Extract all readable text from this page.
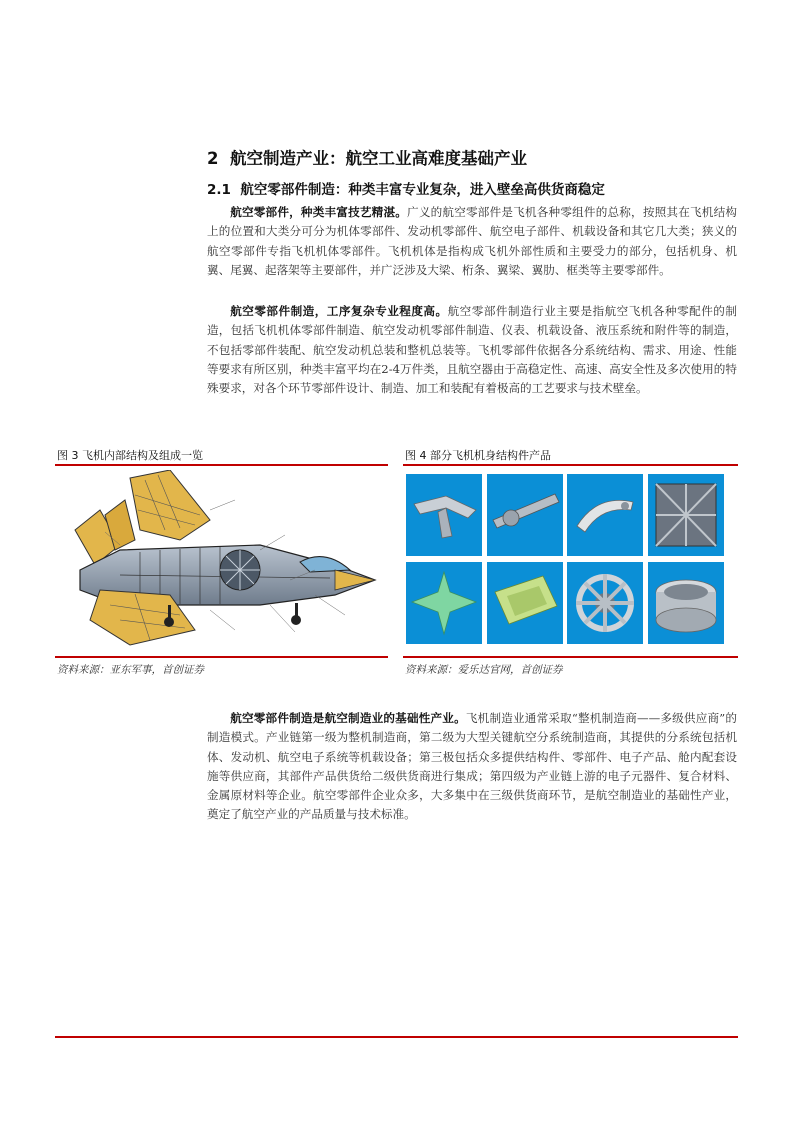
2 航空制造产业：航空工业高难度基础产业
2.1 航空零部件制造：种类丰富专业复杂，进入壁垒高供货商稳定
航空零部件，种类丰富技艺精湛。广义的航空零部件是飞机各种零组件的总称，按照其在飞机结构上的位置和大类分可分为机体零部件、发动机零部件、航空电子部件、机载设备和其它几大类；狭义的航空零部件专指飞机机体零部件。飞机机体是指构成飞机外部性质和主要受力的部分，包括机身、机翼、尾翼、起落架等主要部件，并广泛涉及大梁、桁条、翼梁、翼肋、框类等主要零部件。
航空零部件制造，工序复杂专业程度高。航空零部件制造行业主要是指航空飞机各种零配件的制造，包括飞机机体零部件制造、航空发动机零部件制造、仪表、机载设备、液压系统和附件等的制造，不包括零部件装配、航空发动机总装和整机总装等。飞机零部件依据各分系统结构、需求、用途、性能等要求有所区别，种类丰富平均在2-4万件类，且航空器由于高稳定性、高速、高安全性及多次使用的特殊要求，对各个环节零部件设计、制造、加工和装配有着极高的工艺要求与技术壁垒。
图 3 飞机内部结构及组成一览
资料来源：亚东军事，首创证券
图 4 部分飞机机身结构件产品
资料来源：爱乐达官网，首创证券
航空零部件制造是航空制造业的基础性产业。飞机制造业通常采取“整机制造商——多级供应商”的制造模式。产业链第一级为整机制造商，第二级为大型关键航空分系统制造商，其提供的分系统包括机体、发动机、航空电子系统等机载设备；第三极包括众多提供结构件、零部件、电子产品、舱内配套设施等供应商，其部件产品供货给二级供货商进行集成；第四级为产业链上游的电子元器件、复合材料、金属原材料等企业。航空零部件企业众多，大多集中在三级供货商环节，是航空制造业的基础性产业，奠定了航空产业的产品质量与技术标准。
